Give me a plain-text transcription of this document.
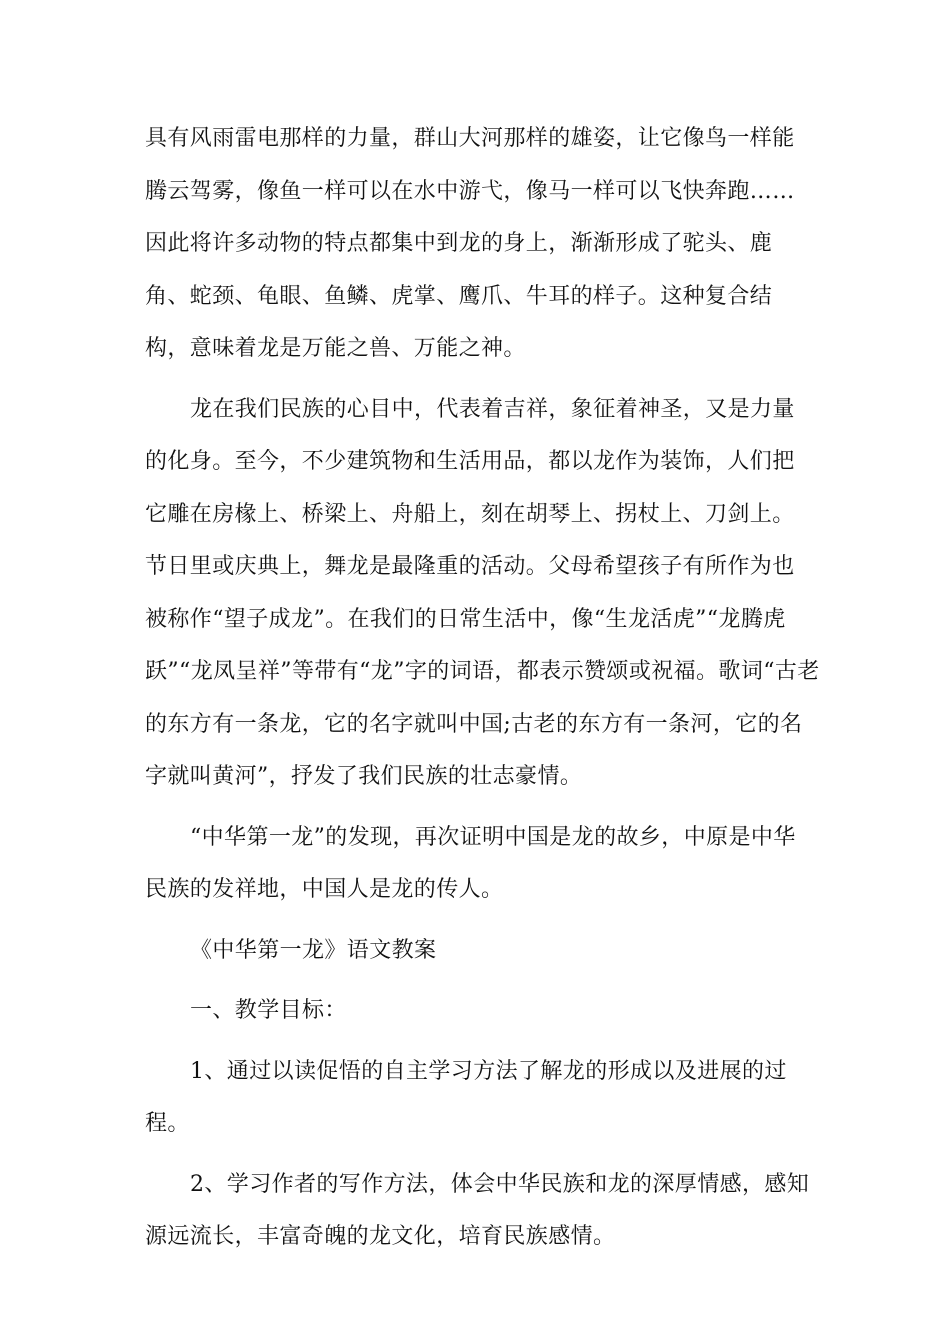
具有风雨雷电那样的力量，群山大河那样的雄姿，让它像鸟一样能
腾云驾雾，像鱼一样可以在水中游弋，像马一样可以飞快奔跑……
因此将许多动物的特点都集中到龙的身上，渐渐形成了驼头、鹿
角、蛇颈、龟眼、鱼鳞、虎掌、鹰爪、牛耳的样子。这种复合结
构，意味着龙是万能之兽、万能之神。
龙在我们民族的心目中，代表着吉祥，象征着神圣，又是力量
的化身。至今，不少建筑物和生活用品，都以龙作为装饰，人们把
它雕在房椽上、桥梁上、舟船上，刻在胡琴上、拐杖上、刀剑上。
节日里或庆典上，舞龙是最隆重的活动。父母希望孩子有所作为也
被称作“望子成龙”。在我们的日常生活中，像“生龙活虎”“龙腾虎
跃”“龙凤呈祥”等带有“龙”字的词语，都表示赞颂或祝福。歌词“古老
的东方有一条龙，它的名字就叫中国;古老的东方有一条河，它的名
字就叫黄河”，抒发了我们民族的壮志豪情。
“中华第一龙”的发现，再次证明中国是龙的故乡，中原是中华
民族的发祥地，中国人是龙的传人。
《中华第一龙》语文教案
一、教学目标：
1、通过以读促悟的自主学习方法了解龙的形成以及进展的过
程。
2、学习作者的写作方法，体会中华民族和龙的深厚情感，感知
源远流长，丰富奇魄的龙文化，培育民族感情。
